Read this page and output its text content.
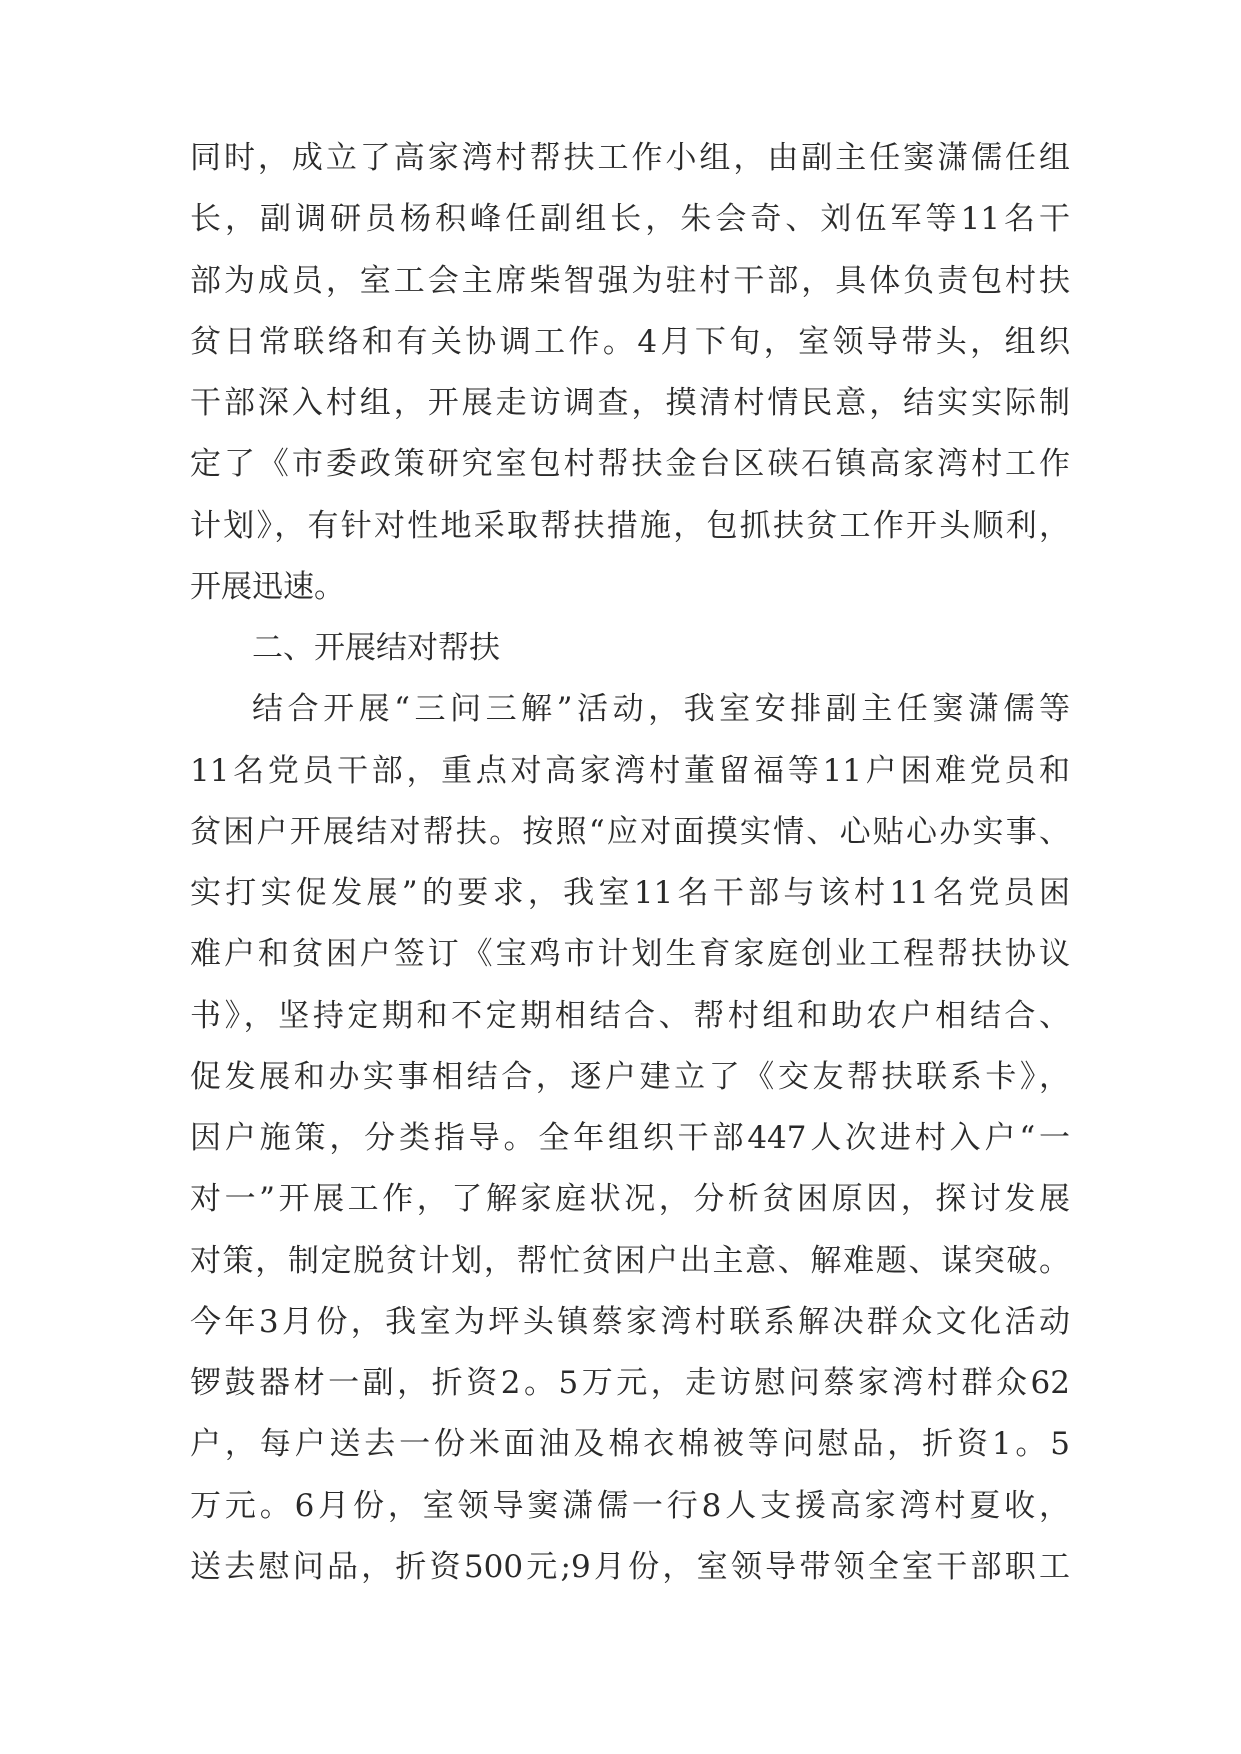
同时，成立了高家湾村帮扶工作小组，由副主任窦潇儒任组
长，副调研员杨积峰任副组长，朱会奇、刘伍军等11名干
部为成员，室工会主席柴智强为驻村干部，具体负责包村扶
贫日常联络和有关协调工作。4月下旬，室领导带头，组织
干部深入村组，开展走访调查，摸清村情民意，结实实际制
定了《市委政策研究室包村帮扶金台区硖石镇高家湾村工作
计划》，有针对性地采取帮扶措施，包抓扶贫工作开头顺利，
开展迅速。
二、开展结对帮扶
结合开展“三问三解”活动，我室安排副主任窦潇儒等
11名党员干部，重点对高家湾村董留福等11户困难党员和
贫困户开展结对帮扶。按照“应对面摸实情、心贴心办实事、
实打实促发展”的要求，我室11名干部与该村11名党员困
难户和贫困户签订《宝鸡市计划生育家庭创业工程帮扶协议
书》，坚持定期和不定期相结合、帮村组和助农户相结合、
促发展和办实事相结合，逐户建立了《交友帮扶联系卡》，
因户施策，分类指导。全年组织干部447人次进村入户“一
对一”开展工作，了解家庭状况，分析贫困原因，探讨发展
对策，制定脱贫计划，帮忙贫困户出主意、解难题、谋突破。
今年3月份，我室为坪头镇蔡家湾村联系解决群众文化活动
锣鼓器材一副，折资2。5万元，走访慰问蔡家湾村群众62
户，每户送去一份米面油及棉衣棉被等问慰品，折资1。5
万元。6月份，室领导窦潇儒一行8人支援高家湾村夏收，
送去慰问品，折资500元;9月份，室领导带领全室干部职工
